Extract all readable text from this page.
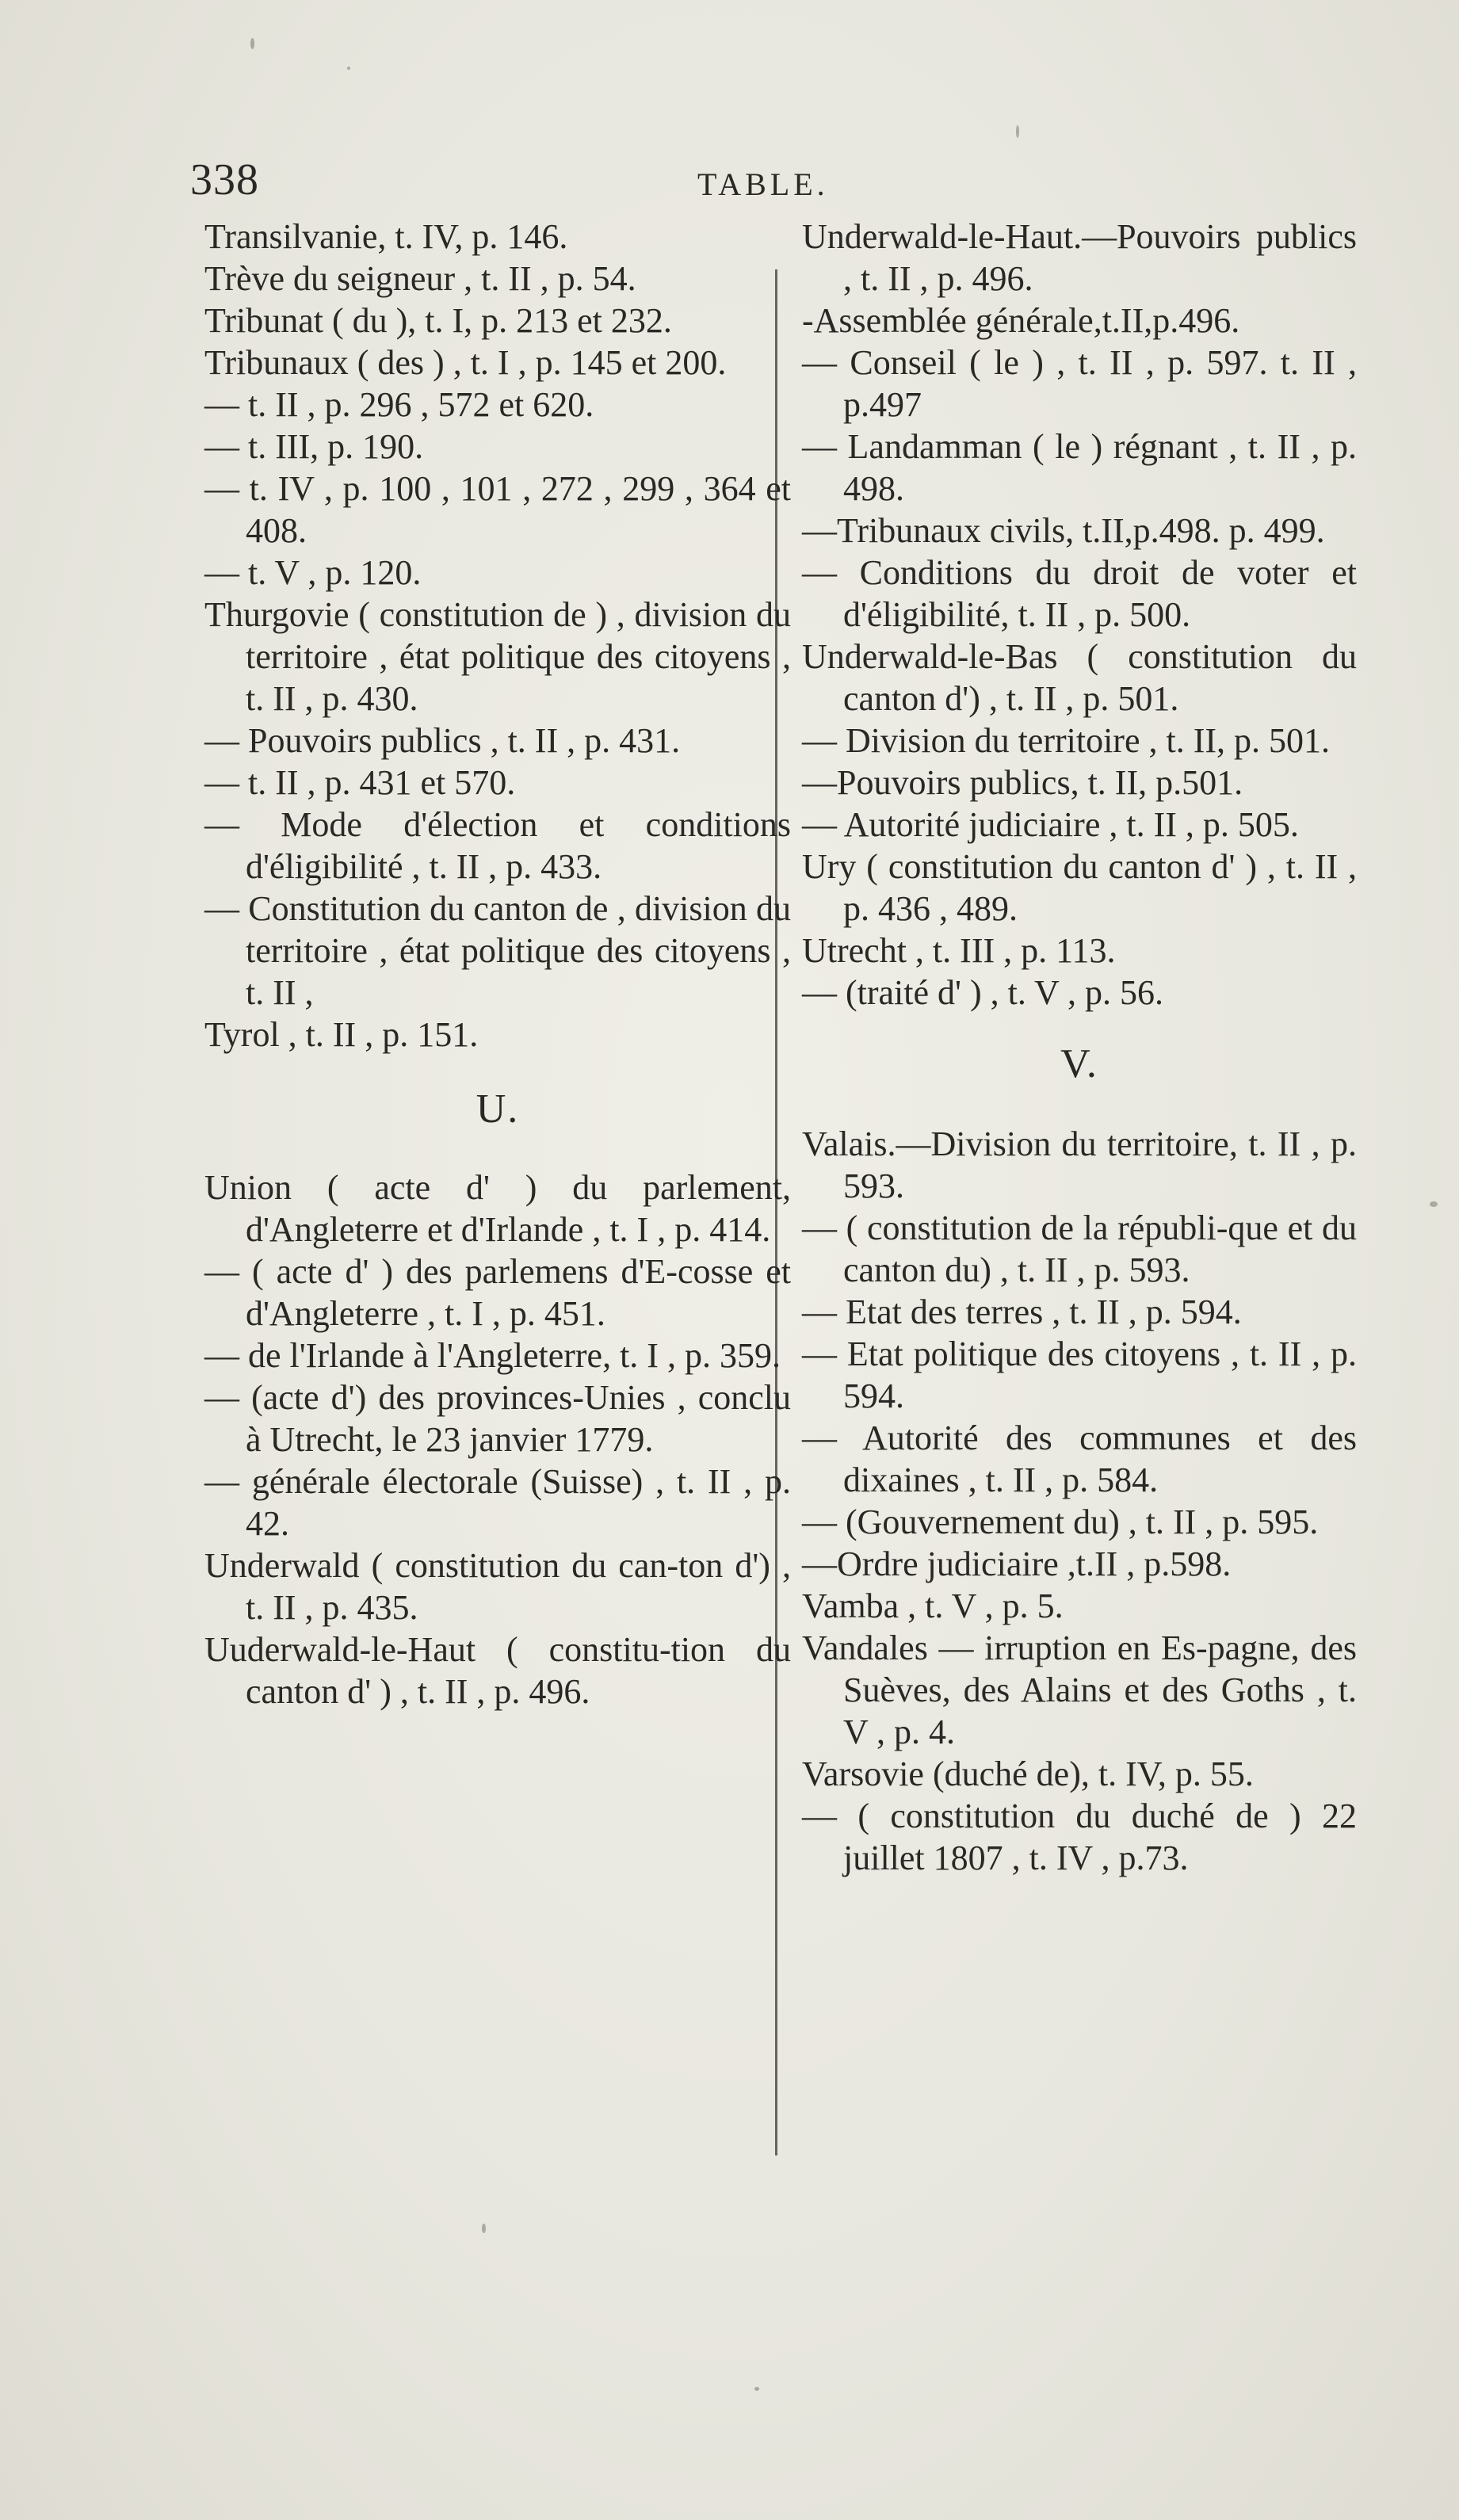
338	TABLE.
Transilvanie, t. IV, p. 146.
Trève du seigneur , t. II , p. 54.
Tribunat ( du ), t. I, p. 213 et 232.
Tribunaux ( des ) , t. I , p. 145 et 200.
— t. II , p. 296 , 572 et 620.
— t. III, p. 190.
— t. IV , p. 100 , 101 , 272 , 299 , 364 et 408.
— t. V , p. 120.
Thurgovie ( constitution de ) , division du territoire , état politique des citoyens , t. II , p. 430.
— Pouvoirs publics , t. II , p. 431.
— t. II , p. 431 et 570.
— Mode d'élection et conditions d'éligibilité , t. II , p. 433.
— Constitution du canton de , division du territoire , état politique des citoyens , t. II ,
Tyrol , t. II , p. 151.
U.
Union ( acte d' ) du parlement, d'Angleterre et d'Irlande , t. I , p. 414.
— ( acte d' ) des parlemens d'E-cosse et d'Angleterre , t. I , p. 451.
— de l'Irlande à l'Angleterre, t. I , p. 359.
— (acte d') des provinces-Unies , conclu à Utrecht, le 23 janvier 1779.
— générale électorale (Suisse) , t. II , p. 42.
Underwald ( constitution du can-ton d') , t. II , p. 435.
Uuderwald-le-Haut ( constitu-tion du canton d' ) , t. II , p. 496.
Underwald-le-Haut.—Pouvoirs publics , t. II , p. 496.
-Assemblée générale,t.II,p.496.
— Conseil ( le ) , t. II , p. 597. t. II , p.497
— Landamman ( le ) régnant , t. II , p. 498.
—Tribunaux civils, t.II,p.498. p. 499.
— Conditions du droit de voter et d'éligibilité, t. II , p. 500.
Underwald-le-Bas ( constitution du canton d') , t. II , p. 501.
— Division du territoire , t. II, p. 501.
—Pouvoirs publics, t. II, p.501.
— Autorité judiciaire , t. II , p. 505.
Ury ( constitution du canton d' ) , t. II , p. 436 , 489.
Utrecht , t. III , p. 113.
— (traité d' ) , t. V , p. 56.
V.
Valais.—Division du territoire, t. II , p. 593.
— ( constitution de la républi-que et du canton du) , t. II , p. 593.
— Etat des terres , t. II , p. 594.
— Etat politique des citoyens , t. II , p. 594.
— Autorité des communes et des dixaines , t. II , p. 584.
— (Gouvernement du) , t. II , p. 595.
—Ordre judiciaire ,t.II , p.598.
Vamba , t. V , p. 5.
Vandales — irruption en Es-pagne, des Suèves, des Alains et des Goths , t. V , p. 4.
Varsovie (duché de), t. IV, p. 55.
— ( constitution du duché de ) 22 juillet 1807 , t. IV , p.73.
